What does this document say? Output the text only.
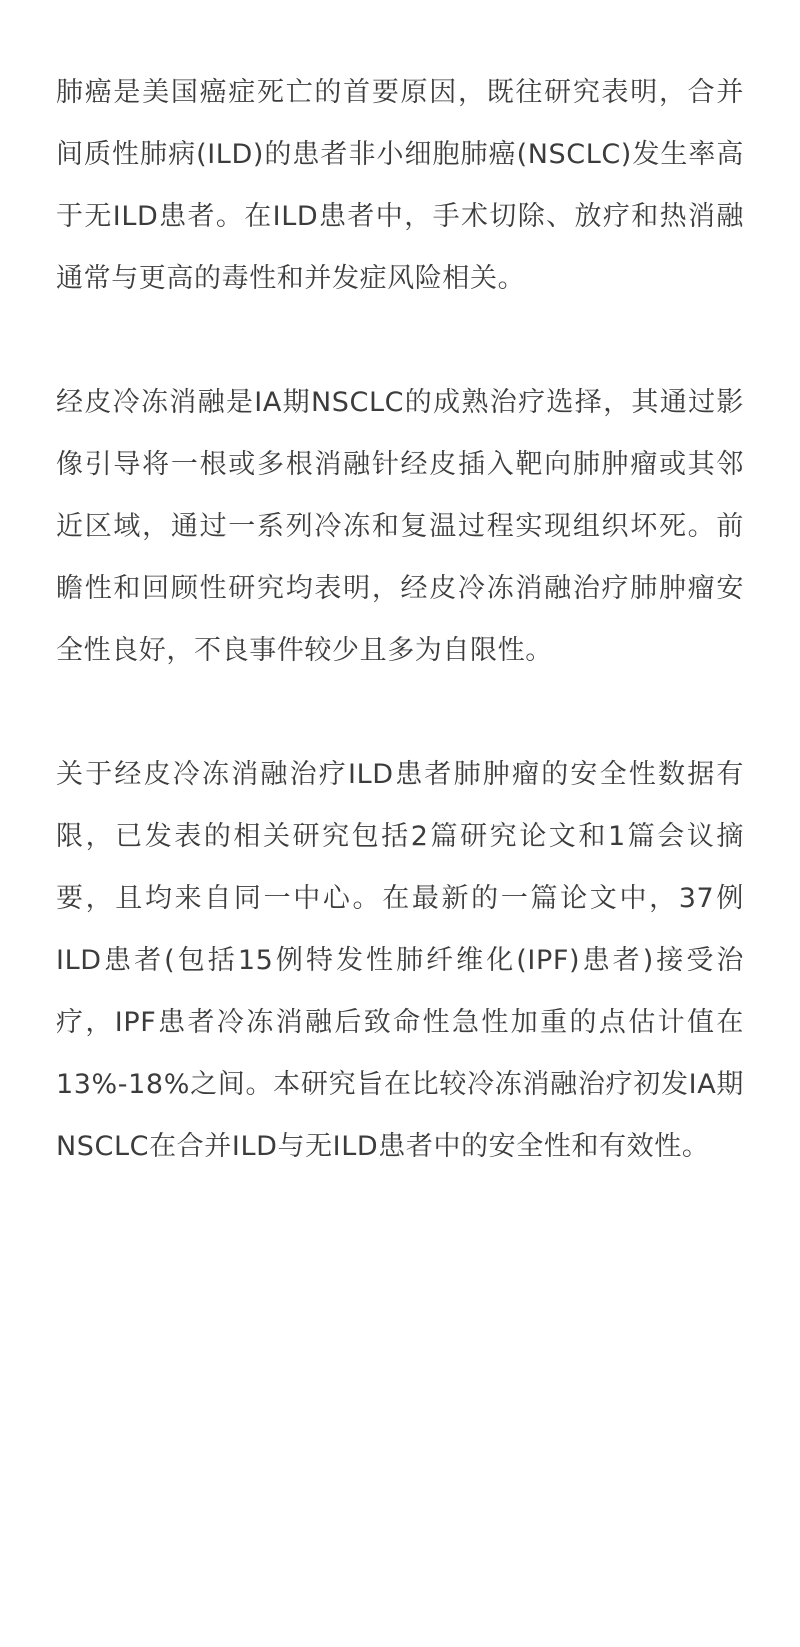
肺癌是美国癌症死亡的首要原因，既往研究表明，合并间质性肺病(ILD)的患者非小细胞肺癌(NSCLC)发生率高于无ILD患者。在ILD患者中，手术切除、放疗和热消融通常与更高的毒性和并发症风险相关。

经皮冷冻消融是IA期NSCLC的成熟治疗选择，其通过影像引导将一根或多根消融针经皮插入靶向肺肿瘤或其邻近区域，通过一系列冷冻和复温过程实现组织坏死。前瞻性和回顾性研究均表明，经皮冷冻消融治疗肺肿瘤安全性良好，不良事件较少且多为自限性。

关于经皮冷冻消融治疗ILD患者肺肿瘤的安全性数据有限，已发表的相关研究包括2篇研究论文和1篇会议摘要，且均来自同一中心。在最新的一篇论文中，37例ILD患者(包括15例特发性肺纤维化(IPF)患者)接受治疗，IPF患者冷冻消融后致命性急性加重的点估计值在13%-18%之间。本研究旨在比较冷冻消融治疗初发IA期NSCLC在合并ILD与无ILD患者中的安全性和有效性。
